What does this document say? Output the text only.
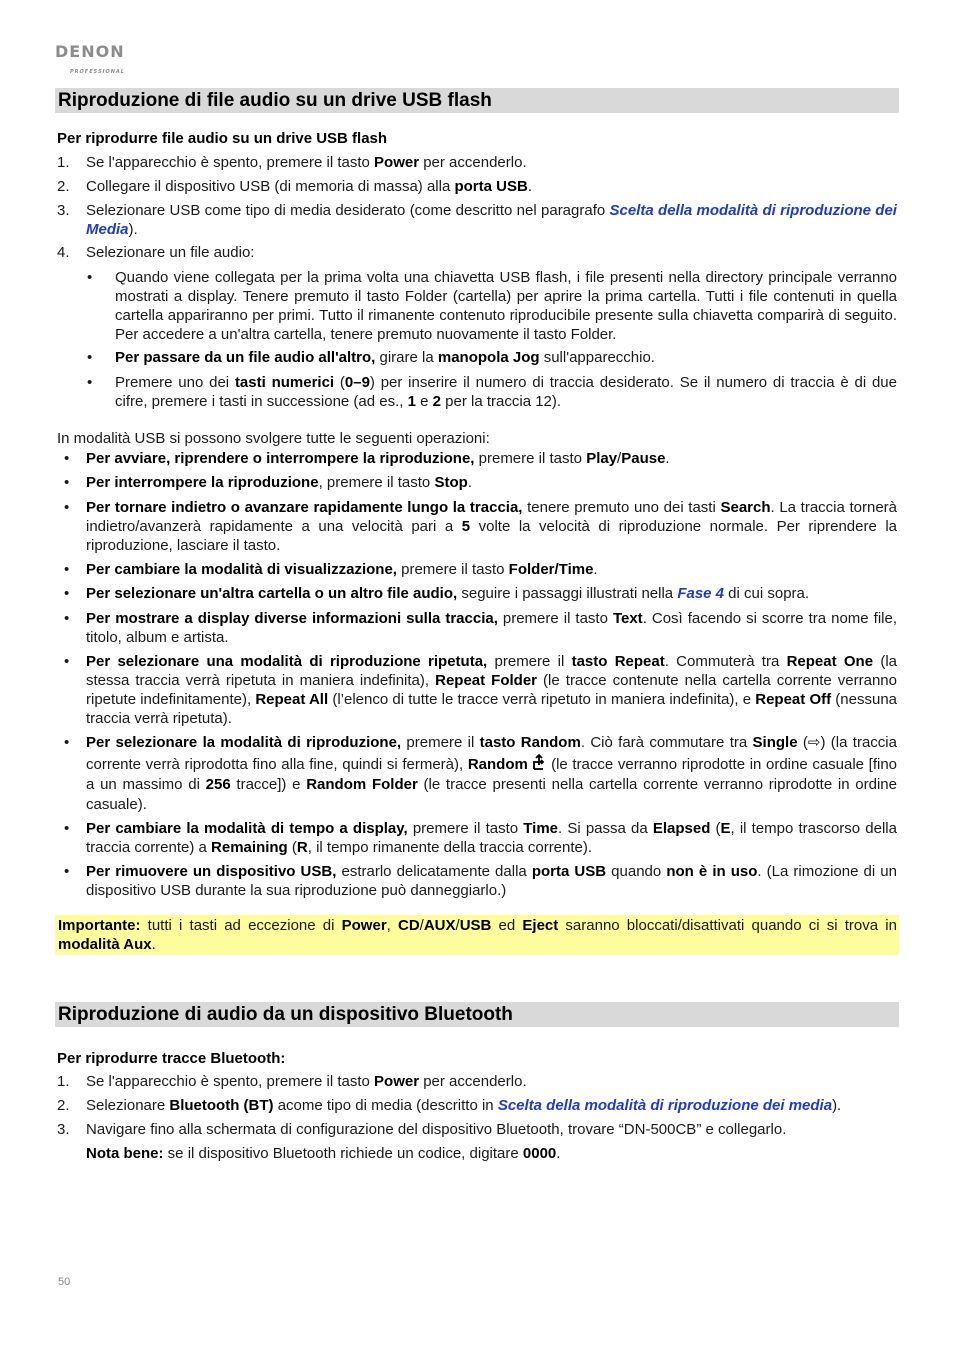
DENON
PROFESSIONAL
Riproduzione di file audio su un drive USB flash
Per riprodurre file audio su un drive USB flash
1. Se l'apparecchio è spento, premere il tasto Power per accenderlo.
2. Collegare il dispositivo USB (di memoria di massa) alla porta USB.
3. Selezionare USB come tipo di media desiderato (come descritto nel paragrafo Scelta della modalità di riproduzione dei Media).
4. Selezionare un file audio:
• Quando viene collegata per la prima volta una chiavetta USB flash, i file presenti nella directory principale verranno mostrati a display. Tenere premuto il tasto Folder (cartella) per aprire la prima cartella. Tutti i file contenuti in quella cartella appariranno per primi. Tutto il rimanente contenuto riproducibile presente sulla chiavetta comparirà di seguito. Per accedere a un'altra cartella, tenere premuto nuovamente il tasto Folder.
• Per passare da un file audio all'altro, girare la manopola Jog sull'apparecchio.
• Premere uno dei tasti numerici (0–9) per inserire il numero di traccia desiderato. Se il numero di traccia è di due cifre, premere i tasti in successione (ad es., 1 e 2 per la traccia 12).
In modalità USB si possono svolgere tutte le seguenti operazioni:
• Per avviare, riprendere o interrompere la riproduzione, premere il tasto Play/Pause.
• Per interrompere la riproduzione, premere il tasto Stop.
• Per tornare indietro o avanzare rapidamente lungo la traccia, tenere premuto uno dei tasti Search. La traccia tornerà indietro/avanzerà rapidamente a una velocità pari a 5 volte la velocità di riproduzione normale. Per riprendere la riproduzione, lasciare il tasto.
• Per cambiare la modalità di visualizzazione, premere il tasto Folder/Time.
• Per selezionare un'altra cartella o un altro file audio, seguire i passaggi illustrati nella Fase 4 di cui sopra.
• Per mostrare a display diverse informazioni sulla traccia, premere il tasto Text. Così facendo si scorre tra nome file, titolo, album e artista.
• Per selezionare una modalità di riproduzione ripetuta, premere il tasto Repeat. Commuterà tra Repeat One (la stessa traccia verrà ripetuta in maniera indefinita), Repeat Folder (le tracce contenute nella cartella corrente verranno ripetute indefinitamente), Repeat All (l’elenco di tutte le tracce verrà ripetuto in maniera indefinita), e Repeat Off (nessuna traccia verrà ripetuta).
• Per selezionare la modalità di riproduzione, premere il tasto Random. Ciò farà commutare tra Single (⇨) (la traccia corrente verrà riprodotta fino alla fine, quindi si fermerà), Random  (le tracce verranno riprodotte in ordine casuale [fino a un massimo di 256 tracce]) e Random Folder (le tracce presenti nella cartella corrente verranno riprodotte in ordine casuale).
• Per cambiare la modalità di tempo a display, premere il tasto Time. Si passa da Elapsed (E, il tempo trascorso della traccia corrente) a Remaining (R, il tempo rimanente della traccia corrente).
• Per rimuovere un dispositivo USB, estrarlo delicatamente dalla porta USB quando non è in uso. (La rimozione di un dispositivo USB durante la sua riproduzione può danneggiarlo.)
Importante: tutti i tasti ad eccezione di Power, CD/AUX/USB ed Eject saranno bloccati/disattivati quando ci si trova in modalità Aux.
Riproduzione di audio da un dispositivo Bluetooth
Per riprodurre tracce Bluetooth:
1. Se l'apparecchio è spento, premere il tasto Power per accenderlo.
2. Selezionare Bluetooth (BT) acome tipo di media (descritto in Scelta della modalità di riproduzione dei media).
3. Navigare fino alla schermata di configurazione del dispositivo Bluetooth, trovare “DN-500CB” e collegarlo.
Nota bene: se il dispositivo Bluetooth richiede un codice, digitare 0000.
50
